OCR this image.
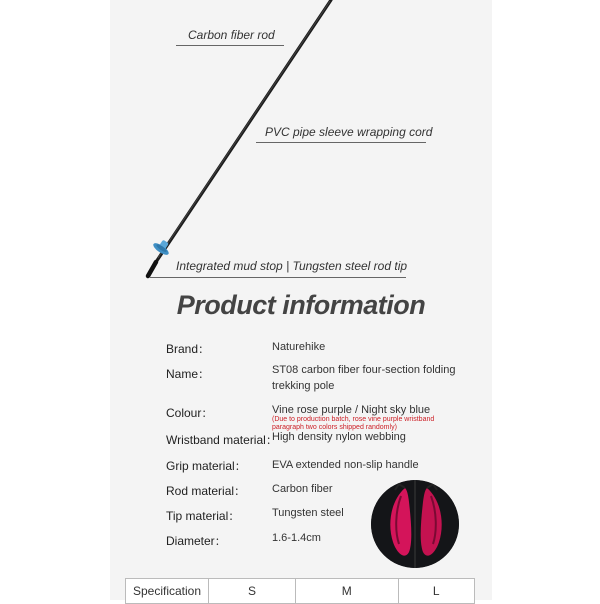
Carbon fiber rod
PVC pipe sleeve wrapping cord
Integrated mud stop | Tungsten steel rod tip
Product information
Brand：	Naturehike
Name：	ST08 carbon fiber four-section folding trekking pole
Colour：	Vine rose purple / Night sky blue
(Due to production batch, rose vine purple wristband paragraph two colors shipped randomly)
Wristband material：
High density nylon webbing
Grip material： EVA extended non-slip handle
Rod material： Carbon fiber
Tip material：	Tungsten steel
Diameter：	1.6-1.4cm
Specification	S	M	L
